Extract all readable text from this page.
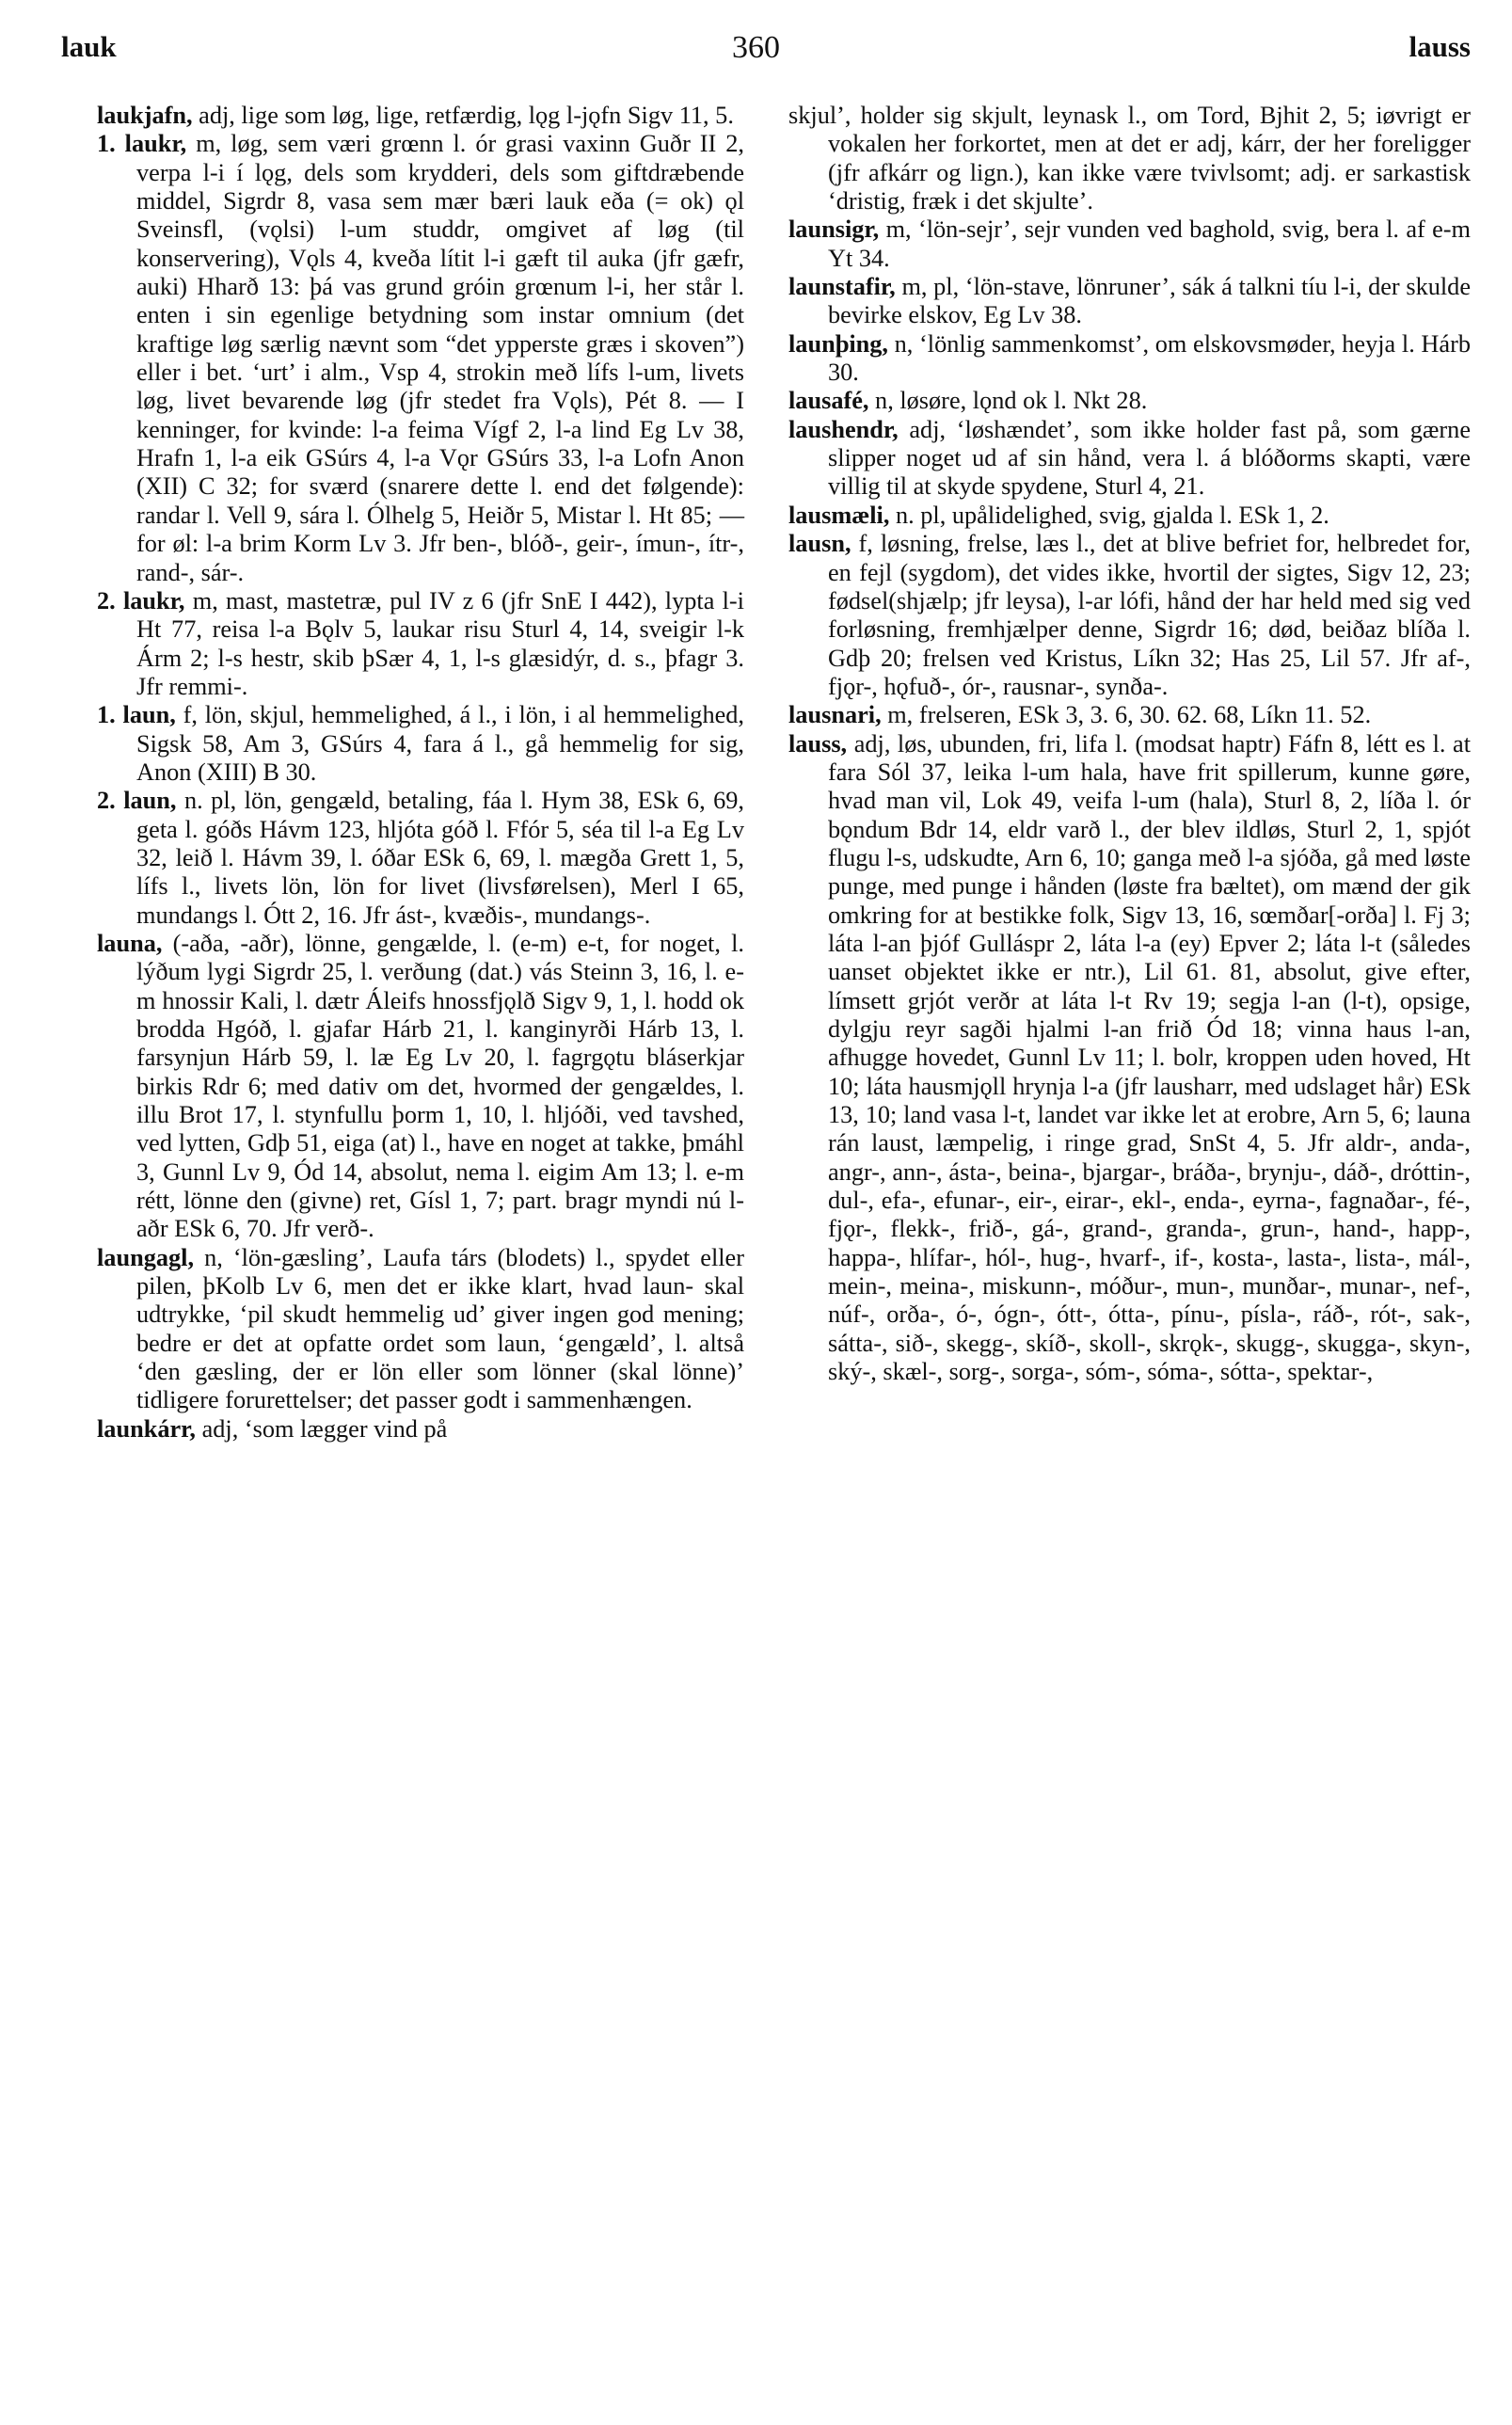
lauk	360	lauss

laukjafn, adj, lige som løg, lige, retfærdig, lǫg l-jǫfn Sigv 11, 5.

1. laukr, m, løg, sem væri grœnn l. ór grasi vaxinn Guðr II 2, verpa l-i í lǫg, dels som krydderi, dels som giftdræbende middel, Sigrdr 8, vasa sem mær bæri lauk eða (= ok) ǫl Sveinsfl, (vǫlsi) l-um studdr, omgivet af løg (til konservering), Vǫls 4, kveða lítit l-i gæft til auka (jfr gæfr, auki) Hharð 13: þá vas grund gróin grœnum l-i, her står l. enten i sin egenlige betydning som instar omnium (det kraftige løg særlig nævnt som “det ypperste græs i skoven”) eller i bet. ‘urt’ i alm., Vsp 4, strokin með lífs l-um, livets løg, livet bevarende løg (jfr stedet fra Vǫls), Pét 8. — I kenninger, for kvinde: l-a feima Vígf 2, l-a lind Eg Lv 38, Hrafn 1, l-a eik GSúrs 4, l-a Vǫr GSúrs 33, l-a Lofn Anon (XII) C 32; for sværd (snarere dette l. end det følgende): randar l. Vell 9, sára l. Ólhelg 5, Heiðr 5, Mistar l. Ht 85; — for øl: l-a brim Korm Lv 3. Jfr ben-, blóð-, geir-, ímun-, ítr-, rand-, sár-.

2. laukr, m, mast, mastetræ, pul IV z 6 (jfr SnE I 442), lypta l-i Ht 77, reisa l-a Bǫlv 5, laukar risu Sturl 4, 14, sveigir l-k Árm 2; l-s hestr, skib þSær 4, 1, l-s glæsidýr, d. s., þfagr 3. Jfr remmi-.

1. laun, f, lön, skjul, hemmelighed, á l., i lön, i al hemmelighed, Sigsk 58, Am 3, GSúrs 4, fara á l., gå hemmelig for sig, Anon (XIII) B 30.

2. laun, n. pl, lön, gengæld, betaling, fáa l. Hym 38, ESk 6, 69, geta l. góðs Hávm 123, hljóta góð l. Ffór 5, séa til l-a Eg Lv 32, leið l. Hávm 39, l. óðar ESk 6, 69, l. mægða Grett 1, 5, lífs l., livets lön, lön for livet (livsførelsen), Merl I 65, mundangs l. Ótt 2, 16. Jfr ást-, kvæðis-, mundangs-.

launa, (-aða, -aðr), lönne, gengælde, l. (e-m) e-t, for noget, l. lýðum lygi Sigrdr 25, l. verðung (dat.) vás Steinn 3, 16, l. e-m hnossir Kali, l. dætr Áleifs hnossfjǫlð Sigv 9, 1, l. hodd ok brodda Hgóð, l. gjafar Hárb 21, l. kanginyrði Hárb 13, l. farsynjun Hárb 59, l. læ Eg Lv 20, l. fagrgǫtu bláserkjar birkis Rdr 6; med dativ om det, hvormed der gengældes, l. illu Brot 17, l. stynfullu þorm 1, 10, l. hljóði, ved tavshed, ved lytten, Gdþ 51, eiga (at) l., have en noget at takke, þmáhl 3, Gunnl Lv 9, Ód 14, absolut, nema l. eigim Am 13; l. e-m rétt, lönne den (givne) ret, Gísl 1, 7; part. bragr myndi nú l-aðr ESk 6, 70. Jfr verð-.

laungagl, n, ‘lön-gæsling’, Laufa társ (blodets) l., spydet eller pilen, þKolb Lv 6, men det er ikke klart, hvad laun- skal udtrykke, ‘pil skudt hemmelig ud’ giver ingen god mening; bedre er det at opfatte ordet som laun, ‘gengæld’, l. altså ‘den gæsling, der er lön eller som lönner (skal lönne)’ tidligere forurettelser; det passer godt i sammenhængen.

launkárr, adj, ‘som lægger vind på

skjul’, holder sig skjult, leynask l., om Tord, Bjhit 2, 5; iøvrigt er vokalen her forkortet, men at det er adj, kárr, der her foreligger (jfr afkárr og lign.), kan ikke være tvivlsomt; adj. er sarkastisk ‘dristig, fræk i det skjulte’.

launsigr, m, ‘lön-sejr’, sejr vunden ved baghold, svig, bera l. af e-m Yt 34.

launstafir, m, pl, ‘lön-stave, lönruner’, sák á talkni tíu l-i, der skulde bevirke elskov, Eg Lv 38.

launþing, n, ‘lönlig sammenkomst’, om elskovsmøder, heyja l. Hárb 30.

lausafé, n, løsøre, lǫnd ok l. Nkt 28.

laushendr, adj, ‘løshændet’, som ikke holder fast på, som gærne slipper noget ud af sin hånd, vera l. á blóðorms skapti, være villig til at skyde spydene, Sturl 4, 21.

lausmæli, n. pl, upålidelighed, svig, gjalda l. ESk 1, 2.

lausn, f, løsning, frelse, læs l., det at blive befriet for, helbredet for, en fejl (sygdom), det vides ikke, hvortil der sigtes, Sigv 12, 23; fødsel(shjælp; jfr leysa), l-ar lófi, hånd der har held med sig ved forløsning, fremhjælper denne, Sigrdr 16; død, beiðaz blíða l. Gdþ 20; frelsen ved Kristus, Líkn 32; Has 25, Lil 57. Jfr af-, fjǫr-, hǫfuð-, ór-, rausnar-, synða-.

lausnari, m, frelseren, ESk 3, 3. 6, 30. 62. 68, Líkn 11. 52.

lauss, adj, løs, ubunden, fri, lifa l. (modsat haptr) Fáfn 8, létt es l. at fara Sól 37, leika l-um hala, have frit spillerum, kunne gøre, hvad man vil, Lok 49, veifa l-um (hala), Sturl 8, 2, líða l. ór bǫndum Bdr 14, eldr varð l., der blev ildløs, Sturl 2, 1, spjót flugu l-s, udskudte, Arn 6, 10; ganga með l-a sjóða, gå med løste punge, med punge i hånden (løste fra bæltet), om mænd der gik omkring for at bestikke folk, Sigv 13, 16, sœmðar[-orða] l. Fj 3; láta l-an þjóf Gulláspr 2, láta l-a (ey) Epver 2; láta l-t (således uanset objektet ikke er ntr.), Lil 61. 81, absolut, give efter, límsett grjót verðr at láta l-t Rv 19; segja l-an (l-t), opsige, dylgju reyr sagði hjalmi l-an frið Ód 18; vinna haus l-an, afhugge hovedet, Gunnl Lv 11; l. bolr, kroppen uden hoved, Ht 10; láta hausmjǫll hrynja l-a (jfr lausharr, med udslaget hår) ESk 13, 10; land vasa l-t, landet var ikke let at erobre, Arn 5, 6; launa rán laust, læmpelig, i ringe grad, SnSt 4, 5. Jfr aldr-, anda-, angr-, ann-, ásta-, beina-, bjargar-, bráða-, brynju-, dáð-, dróttin-, dul-, efa-, efunar-, eir-, eirar-, ekl-, enda-, eyrna-, fagnaðar-, fé-, fjǫr-, flekk-, frið-, gá-, grand-, granda-, grun-, hand-, happ-, happa-, hlífar-, hól-, hug-, hvarf-, if-, kosta-, lasta-, lista-, mál-, mein-, meina-, miskunn-, móður-, mun-, munðar-, munar-, nef-, núf-, orða-, ó-, ógn-, ótt-, ótta-, pínu-, písla-, ráð-, rót-, sak-, sátta-, sið-, skegg-, skíð-, skoll-, skrǫk-, skugg-, skugga-, skyn-, ský-, skæl-, sorg-, sorga-, sóm-, sóma-, sótta-, spektar-,
